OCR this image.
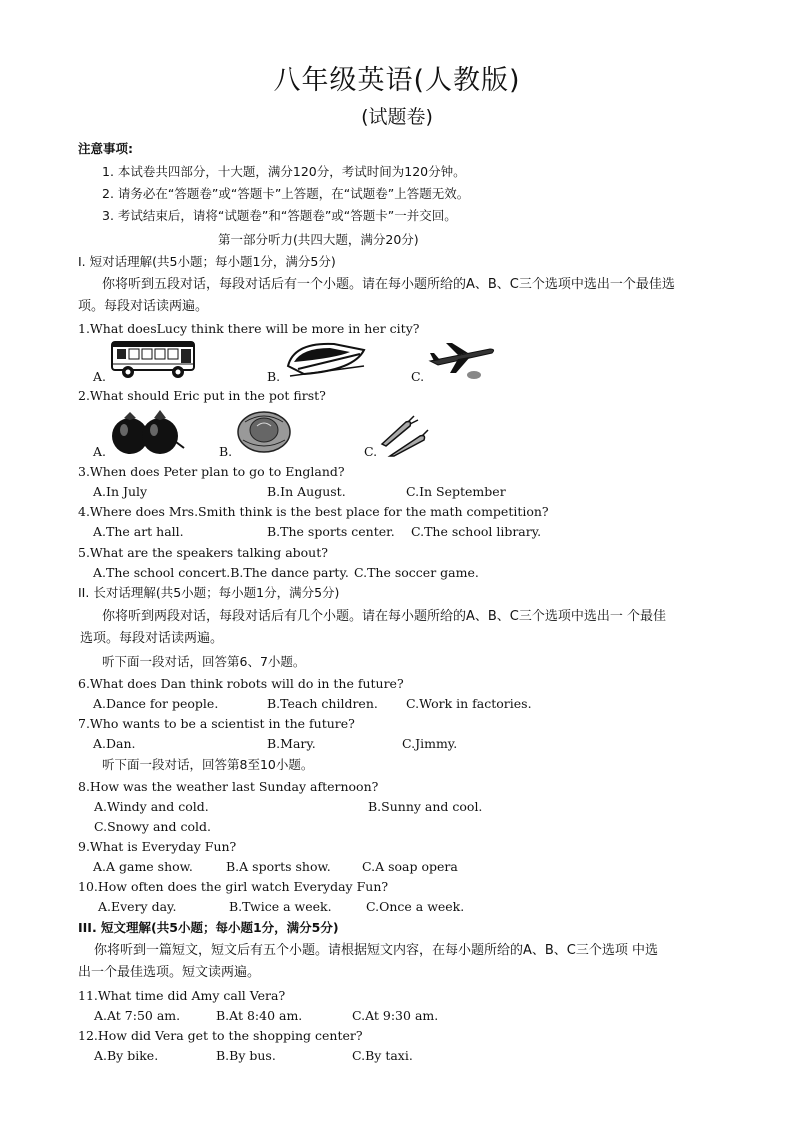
八年级英语(人教版)
(试题卷)
注意事项:
1. 本试卷共四部分，十大题，满分120分，考试时间为120分钟。
2. 请务必在“答题卷”或“答题卡”上答题，在“试题卷”上答题无效。
3. 考试结束后，请将“试题卷”和“答题卷”或“答题卡”一并交回。
第一部分听力(共四大题，满分20分)
I. 短对话理解(共5小题；每小题1分，满分5分)
你将听到五段对话，每段对话后有一个小题。请在每小题所给的A、B、C三个选项中选出一个最佳选
项。每段对话读两遍。
1.What doesLucy think there will be more in her city?
A.	B.	C.
2.What should Eric put in the pot first?
A.	B.	C.
3.When does Peter plan to go to England?
A.In July	B.In August.	C.In September
4.Where does Mrs.Smith think is the best place for the math competition?
A.The art hall.	B.The sports center. C.The school library.
5.What are the speakers talking about?
A.The school concert.B.The dance party. C.The soccer game.
II. 长对话理解(共5小题；每小题1分，满分5分)
你将听到两段对话，每段对话后有几个小题。请在每小题所给的A、B、C三个选项中选出一 个最佳
选项。每段对话读两遍。
听下面一段对话，回答第6、7小题。
6.What does Dan think robots will do in the future?
A.Dance for people.	B.Teach children. C.Work in factories.
7.Who wants to be a scientist in the future?
A.Dan.	B.Mary.	C.Jimmy.
听下面一段对话，回答第8至10小题。
8.How was the weather last Sunday afternoon?
A.Windy and cold.	B.Sunny and cool.
C.Snowy and cold.
9.What is Everyday Fun?
A.A game show.	B.A sports show.	C.A soap opera
10.How often does the girl watch Everyday Fun?
A.Every day.	B.Twice a week.	C.Once a week.
III. 短文理解(共5小题；每小题1分，满分5分)
你将听到一篇短文，短文后有五个小题。请根据短文内容，在每小题所给的A、B、C三个选项 中选
出一个最佳选项。短文读两遍。
11.What time did Amy call Vera?
A.At 7:50 am.	B.At 8:40 am.	C.At 9:30 am.
12.How did Vera get to the shopping center?
A.By bike.	B.By bus.	C.By taxi.
